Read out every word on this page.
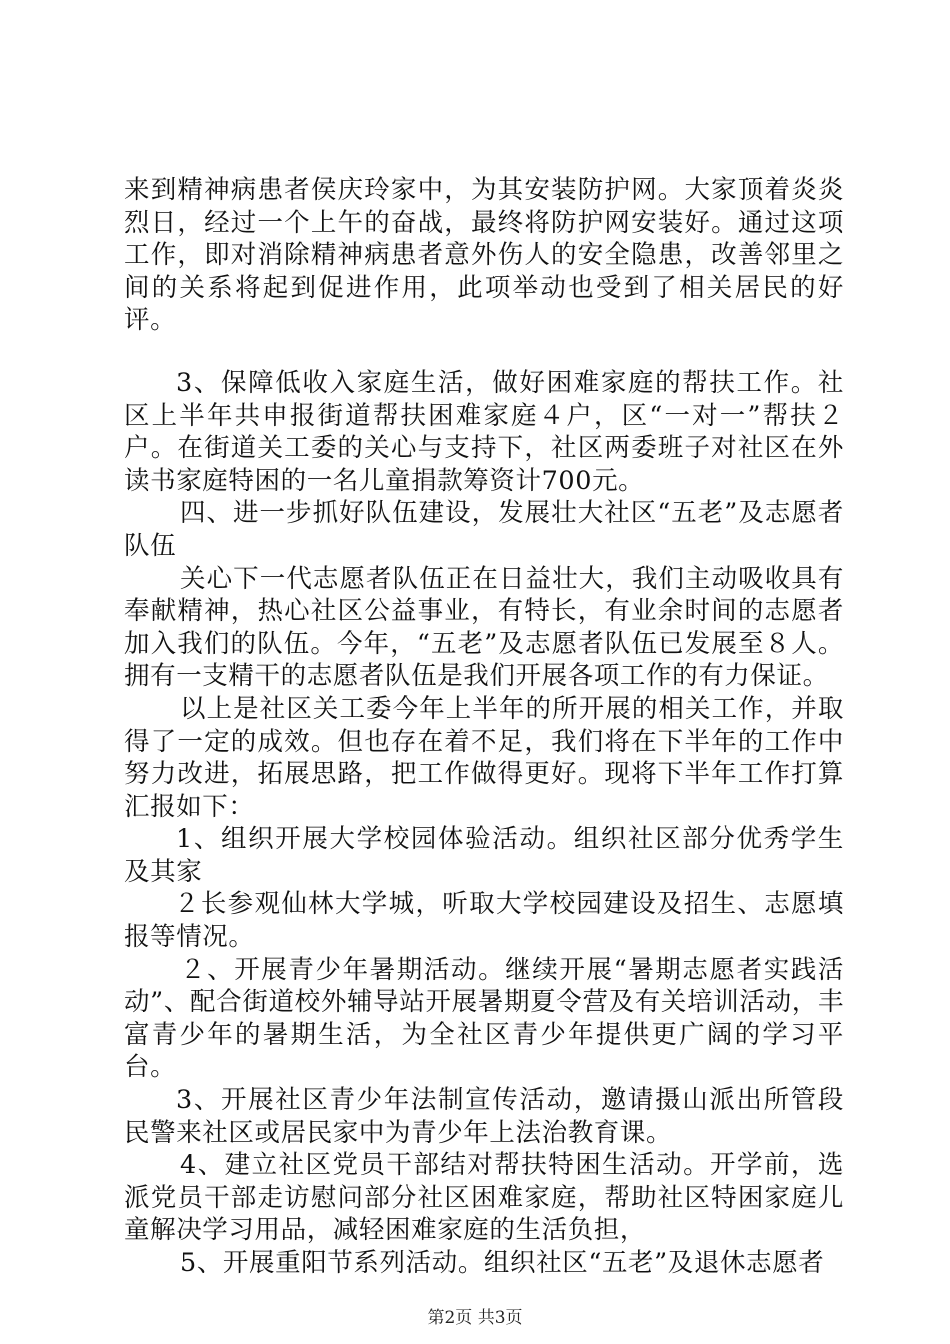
来到精神病患者侯庆玲家中，为其安装防护网。大家顶着炎炎烈日，经过一个上午的奋战，最终将防护网安装好。通过这项工作，即对消除精神病患者意外伤人的安全隐患，改善邻里之间的关系将起到促进作用，此项举动也受到了相关居民的好评。

3、保障低收入家庭生活，做好困难家庭的帮扶工作。社区上半年共申报街道帮扶困难家庭４户，区“一对一”帮扶２户。在街道关工委的关心与支持下，社区两委班子对社区在外读书家庭特困的一名儿童捐款筹资计700元。

四、进一步抓好队伍建设，发展壮大社区“五老”及志愿者队伍

关心下一代志愿者队伍正在日益壮大，我们主动吸收具有奉献精神，热心社区公益事业，有特长，有业余时间的志愿者加入我们的队伍。今年，“五老”及志愿者队伍已发展至８人。拥有一支精干的志愿者队伍是我们开展各项工作的有力保证。

以上是社区关工委今年上半年的所开展的相关工作，并取得了一定的成效。但也存在着不足，我们将在下半年的工作中努力改进，拓展思路，把工作做得更好。现将下半年工作打算汇报如下：

1、组织开展大学校园体验活动。组织社区部分优秀学生及其家

２长参观仙林大学城，听取大学校园建设及招生、志愿填报等情况。

２、开展青少年暑期活动。继续开展“暑期志愿者实践活动”、配合街道校外辅导站开展暑期夏令营及有关培训活动，丰富青少年的暑期生活，为全社区青少年提供更广阔的学习平台。

3、开展社区青少年法制宣传活动，邀请摄山派出所管段民警来社区或居民家中为青少年上法治教育课。

4、建立社区党员干部结对帮扶特困生活动。开学前，选派党员干部走访慰问部分社区困难家庭，帮助社区特困家庭儿童解决学习用品，减轻困难家庭的生活负担，

5、开展重阳节系列活动。组织社区“五老”及退休志愿者

第2页 共3页
